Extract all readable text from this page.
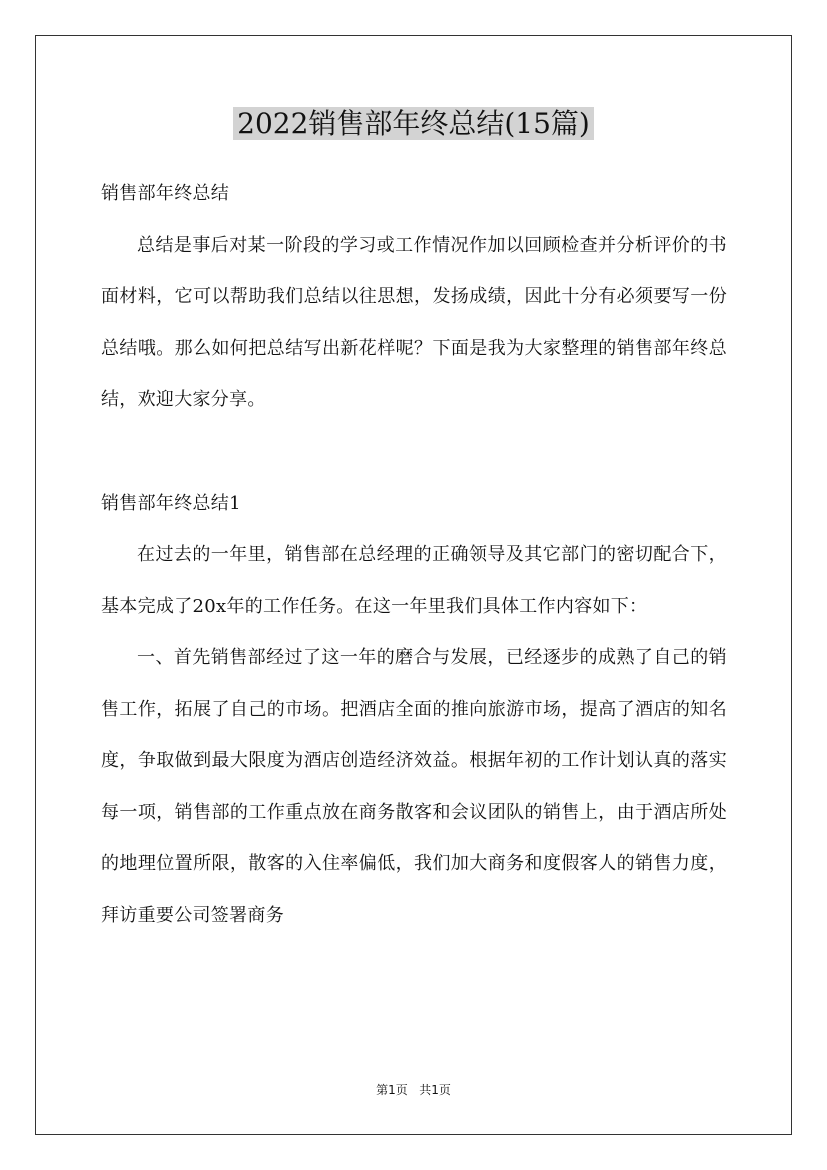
2022销售部年终总结(15篇)

销售部年终总结

总结是事后对某一阶段的学习或工作情况作加以回顾检查并分析评价的书面材料，它可以帮助我们总结以往思想，发扬成绩，因此十分有必须要写一份总结哦。那么如何把总结写出新花样呢？下面是我为大家整理的销售部年终总结，欢迎大家分享。

销售部年终总结1

在过去的一年里，销售部在总经理的正确领导及其它部门的密切配合下，基本完成了20x年的工作任务。在这一年里我们具体工作内容如下：

一、首先销售部经过了这一年的磨合与发展，已经逐步的成熟了自己的销售工作，拓展了自己的市场。把酒店全面的推向旅游市场，提高了酒店的知名度，争取做到最大限度为酒店创造经济效益。根据年初的工作计划认真的落实每一项，销售部的工作重点放在商务散客和会议团队的销售上，由于酒店所处的地理位置所限，散客的入住率偏低，我们加大商务和度假客人的销售力度，拜访重要公司签署商务

第1页   共1页
